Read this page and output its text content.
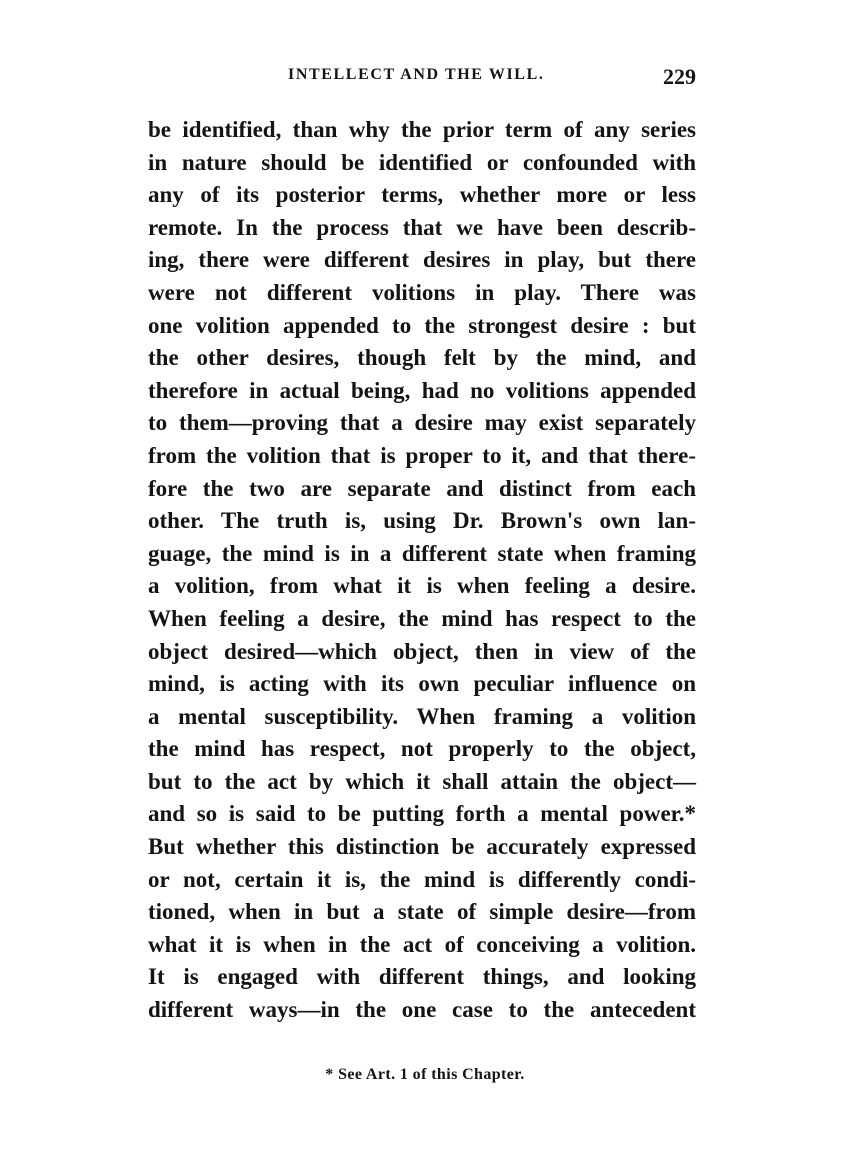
INTELLECT AND THE WILL.	229
be identified, than why the prior term of any series
in nature should be identified or confounded with
any of its posterior terms, whether more or less
remote. In the process that we have been describ-
ing, there were different desires in play, but there
were not different volitions in play. There was
one volition appended to the strongest desire : but
the other desires, though felt by the mind, and
therefore in actual being, had no volitions appended
to them—proving that a desire may exist separately
from the volition that is proper to it, and that there-
fore the two are separate and distinct from each
other. The truth is, using Dr. Brown's own lan-
guage, the mind is in a different state when framing
a volition, from what it is when feeling a desire.
When feeling a desire, the mind has respect to the
object desired—which object, then in view of the
mind, is acting with its own peculiar influence on
a mental susceptibility. When framing a volition
the mind has respect, not properly to the object,
but to the act by which it shall attain the object—
and so is said to be putting forth a mental power.*
But whether this distinction be accurately expressed
or not, certain it is, the mind is differently condi-
tioned, when in but a state of simple desire—from
what it is when in the act of conceiving a volition.
It is engaged with different things, and looking
different ways—in the one case to the antecedent
* See Art. 1 of this Chapter.
